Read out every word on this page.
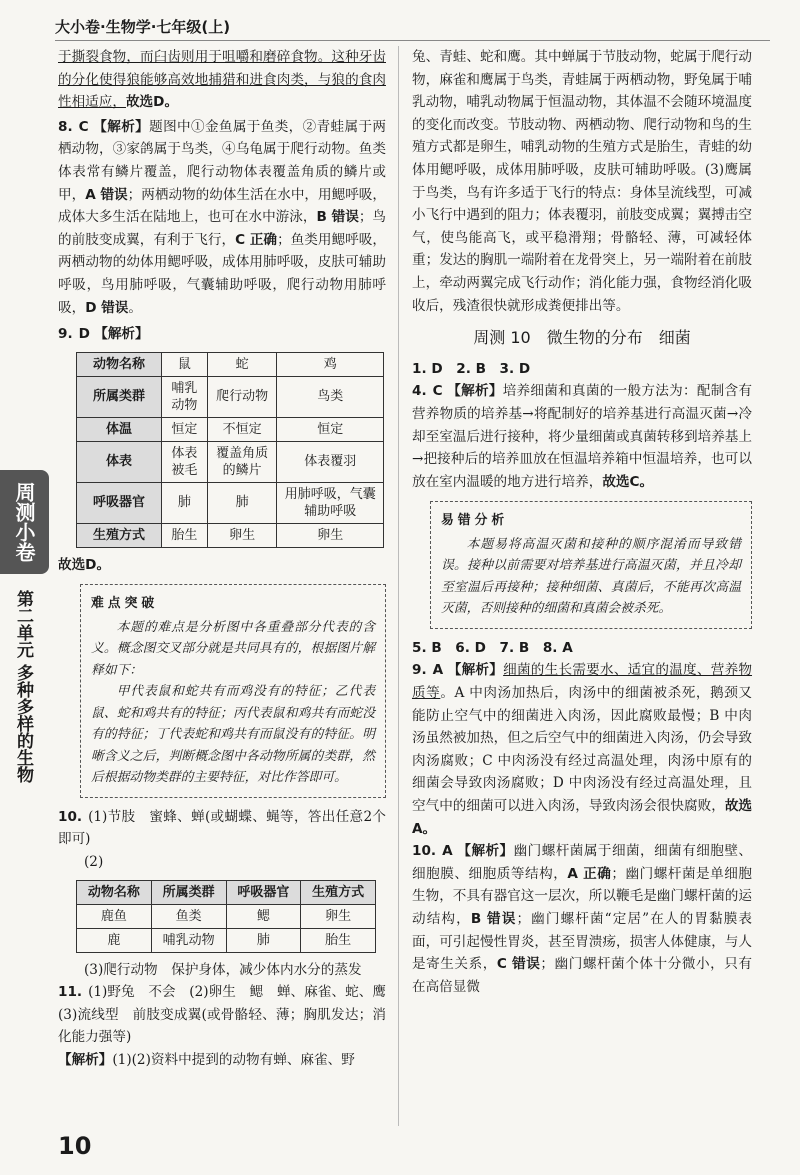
大小卷·生物学·七年级(上)
周测小卷
第二单元 多种多样的生物

于撕裂食物，而臼齿则用于咀嚼和磨碎食物。这种牙齿的分化使得狼能够高效地捕猎和进食肉类，与狼的食肉性相适应，故选D。

8. C 【解析】题图中①金鱼属于鱼类，②青蛙属于两栖动物，③家鸽属于鸟类，④乌龟属于爬行动物。鱼类体表常有鳞片覆盖，爬行动物体表覆盖角质的鳞片或甲，A 错误；两栖动物的幼体生活在水中，用鳃呼吸，成体大多生活在陆地上，也可在水中游泳，B 错误；鸟的前肢变成翼，有利于飞行，C 正确；鱼类用鳃呼吸，两栖动物的幼体用鳃呼吸，成体用肺呼吸，皮肤可辅助呼吸，鸟用肺呼吸，气囊辅助呼吸，爬行动物用肺呼吸，D 错误。

9. D 【解析】

动物名称	鼠	蛇	鸡
所属类群	哺乳动物	爬行动物	鸟类
体温	恒定	不恒定	恒定
体表	体表被毛	覆盖角质的鳞片	体表覆羽
呼吸器官	肺	肺	用肺呼吸，气囊辅助呼吸
生殖方式	胎生	卵生	卵生

故选D。

难点突破

本题的难点是分析图中各重叠部分代表的含义。概念图交叉部分就是共同具有的，根据图片解释如下：

甲代表鼠和蛇共有而鸡没有的特征；乙代表鼠、蛇和鸡共有的特征；丙代表鼠和鸡共有而蛇没有的特征；丁代表蛇和鸡共有而鼠没有的特征。明晰含义之后，判断概念图中各动物所属的类群，然后根据动物类群的主要特征，对比作答即可。

10. (1)节肢　蜜蜂、蝉(或蝴蝶、蝇等，答出任意2个即可)

(2)

动物名称	所属类群	呼吸器官	生殖方式
鹿鱼	鱼类	鳃	卵生
鹿	哺乳动物	肺	胎生

(3)爬行动物　保护身体，减少体内水分的蒸发

11. (1)野兔　不会　(2)卵生　鳃　蝉、麻雀、蛇、鹰　(3)流线型　前肢变成翼(或骨骼轻、薄；胸肌发达；消化能力强等)

【解析】(1)(2)资料中提到的动物有蝉、麻雀、野

兔、青蛙、蛇和鹰。其中蝉属于节肢动物，蛇属于爬行动物，麻雀和鹰属于鸟类，青蛙属于两栖动物，野兔属于哺乳动物，哺乳动物属于恒温动物，其体温不会随环境温度的变化而改变。节肢动物、两栖动物、爬行动物和鸟的生殖方式都是卵生，哺乳动物的生殖方式是胎生，青蛙的幼体用鳃呼吸，成体用肺呼吸，皮肤可辅助呼吸。(3)鹰属于鸟类，鸟有许多适于飞行的特点：身体呈流线型，可减小飞行中遇到的阻力；体表覆羽，前肢变成翼；翼搏击空气，使鸟能高飞，或平稳滑翔；骨骼轻、薄，可减轻体重；发达的胸肌一端附着在龙骨突上，另一端附着在前肢上，牵动两翼完成飞行动作；消化能力强，食物经消化吸收后，残渣很快就形成粪便排出等。

周测 10　微生物的分布　细菌

1. D　2. B　3. D

4. C 【解析】培养细菌和真菌的一般方法为：配制含有营养物质的培养基→将配制好的培养基进行高温灭菌→冷却至室温后进行接种，将少量细菌或真菌转移到培养基上→把接种后的培养皿放在恒温培养箱中恒温培养，也可以放在室内温暖的地方进行培养，故选C。

易错分析

本题易将高温灭菌和接种的顺序混淆而导致错误。接种以前需要对培养基进行高温灭菌，并且冷却至室温后再接种；接种细菌、真菌后，不能再次高温灭菌，否则接种的细菌和真菌会被杀死。

5. B　6. D　7. B　8. A

9. A 【解析】细菌的生长需要水、适宜的温度、营养物质等。A 中肉汤加热后，肉汤中的细菌被杀死，鹅颈又能防止空气中的细菌进入肉汤，因此腐败最慢；B 中肉汤虽然被加热，但之后空气中的细菌进入肉汤，仍会导致肉汤腐败；C 中肉汤没有经过高温处理，肉汤中原有的细菌会导致肉汤腐败；D 中肉汤没有经过高温处理，且空气中的细菌可以进入肉汤，导致肉汤会很快腐败，故选A。

10. A 【解析】幽门螺杆菌属于细菌，细菌有细胞壁、细胞膜、细胞质等结构，A 正确；幽门螺杆菌是单细胞生物，不具有器官这一层次，所以鞭毛是幽门螺杆菌的运动结构，B 错误；幽门螺杆菌“定居”在人的胃黏膜表面，可引起慢性胃炎，甚至胃溃疡，损害人体健康，与人是寄生关系，C 错误；幽门螺杆菌个体十分微小，只有在高倍显微

10
